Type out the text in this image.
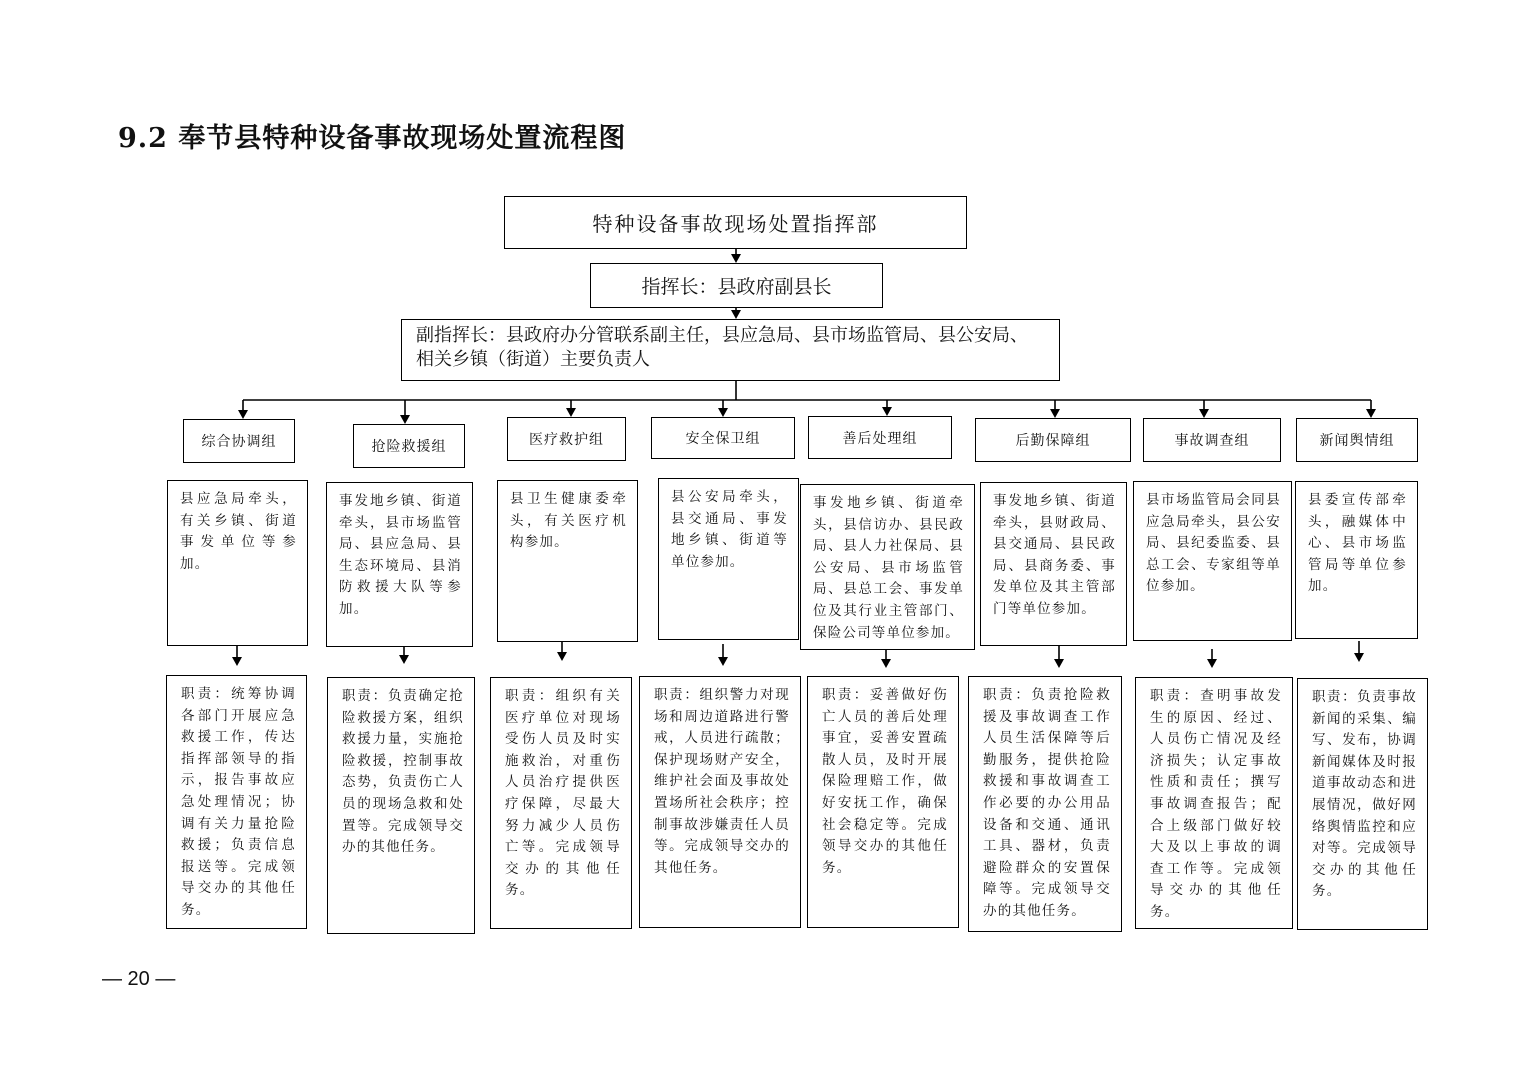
9.2 奉节县特种设备事故现场处置流程图
特种设备事故现场处置指挥部
指挥长：县政府副县长
副指挥长：县政府办分管联系副主任，县应急局、县市场监管局、县公安局、相关乡镇（街道）主要负责人
综合协调组
县应急局牵头，有关乡镇、街道事发单位等参加。
职责：统筹协调各部门开展应急救援工作，传达指挥部领导的指示，报告事故应急处理情况；协调有关力量抢险救援；负责信息报送等。完成领导交办的其他任务。
抢险救援组
事发地乡镇、街道牵头，县市场监管局、县应急局、县生态环境局、县消防救援大队等参加。
职责：负责确定抢险救援方案，组织救援力量，实施抢险救援，控制事故态势，负责伤亡人员的现场急救和处置等。完成领导交办的其他任务。
医疗救护组
县卫生健康委牵头，有关医疗机构参加。
职责：组织有关医疗单位对现场受伤人员及时实施救治，对重伤人员治疗提供医疗保障，尽最大努力减少人员伤亡等。完成领导交办的其他任务。
安全保卫组
县公安局牵头，县交通局、事发地乡镇、街道等单位参加。
职责：组织警力对现场和周边道路进行警戒，人员进行疏散；保护现场财产安全，维护社会面及事故处置场所社会秩序；控制事故涉嫌责任人员等。完成领导交办的其他任务。
善后处理组
事发地乡镇、街道牵头，县信访办、县民政局、县人力社保局、县公安局、县市场监管局、县总工会、事发单位及其行业主管部门、保险公司等单位参加。
职责：妥善做好伤亡人员的善后处理事宜，妥善安置疏散人员，及时开展保险理赔工作，做好安抚工作，确保社会稳定等。完成领导交办的其他任务。
后勤保障组
事发地乡镇、街道牵头，县财政局、县交通局、县民政局、县商务委、事发单位及其主管部门等单位参加。
职责：负责抢险救援及事故调查工作人员生活保障等后勤服务，提供抢险救援和事故调查工作必要的办公用品设备和交通、通讯工具、器材，负责避险群众的安置保障等。完成领导交办的其他任务。
事故调查组
县市场监管局会同县应急局牵头，县公安局、县纪委监委、县总工会、专家组等单位参加。
职责：查明事故发生的原因、经过、人员伤亡情况及经济损失；认定事故性质和责任；撰写事故调查报告；配合上级部门做好较大及以上事故的调查工作等。完成领导交办的其他任务。
新闻舆情组
县委宣传部牵头，融媒体中心、县市场监管局等单位参加。
职责：负责事故新闻的采集、编写、发布，协调新闻媒体及时报道事故动态和进展情况，做好网络舆情监控和应对等。完成领导交办的其他任务。
— 20 —
